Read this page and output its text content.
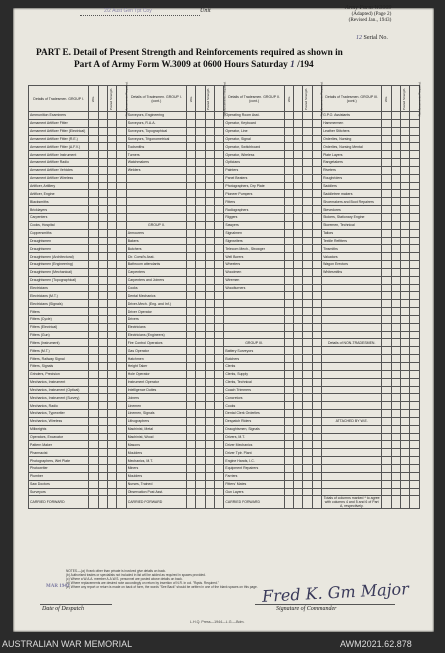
2/2 Aust Gen Tpt Coy	Unit	Army Form W3009
(Adapted) (Page 2)
(Revised Jan., 1943)
12 Serial No.
PART E. Detail of Present Strength and Reinforcements required as shown in
Part A of Army Form W.3009 at 0600 Hours Saturday 1 /194
Details of Tradesmen. GROUP I.	W.E.	Posted Strength.	Reinforcements Required.		Details of Tradesmen. GROUP I. (cont.)	W.E.	Posted Strength.	Reinforcements Required.		Details of Tradesmen. GROUP II. (cont.)	W.E.	Posted Strength.	Reinforcements Required.		Details of Tradesmen. GROUP III. (cont.)	W.E.	Posted Strength.	Reinforcements Required.	
Ammunition Examiners					Surveyors, Engineering					Operating Room Asst.					G.P.O. Assistants				
Armament Artificer Fitter					Surveyors, R.A.A.					Operator, Keyboard					Hammermen				
Armament Artificer Fitter (Electrical)					Surveyors, Topographical					Operator, Line					Leather Stitchers				
Armament Artificer Fitter (R.E.)					Surveyors, Trigonometrical					Operator, Signal					Orderlies, Nursing				
Armament Artificer Fitter (A.F.V.)					Toolsmiths					Operator, Switchboard					Orderlies, Nursing Mental				
Armament Artificer Instrument					Turners					Operator, Wireless					Plate Layers				
Armament Artificer Radio					Watchmakers					Opticians					Rangetakers				
Armament Artificer Vehicles					Welders					Painters					Riveters				
Armament Artificer Wireless										Panel Beaters					Roughriders				
Artificer, Artillery										Photographers, Dry Plate					Saddlers				
Artificer, Engine										Pioneer Pumpers					Saddletree makers				
Blacksmiths										Fitters					Shoemakers and Boot Repairers				
Bricklayers										Radiographers					Stevedores				
Carpenters										Riggers					Stokers, Stationary Engine				
Cooks, Hospital					GROUP II.					Sawyers					Storemen, Technical				
Coppersmiths					Armourers					Signalmen					Tailors				
Draughtsmen					Bakers					Signwriters					Textile Refitters				
Draughtsmen					Butchers					Telecom Mech., Strowger					Tinsmiths				
Draughtsmen (Architectural)					Ctr. Comd's Asst.					Well Borers					Valuators				
Draughtsmen (Engineering)					Bathroom attendants					Wheelers					Wagon Erectors				
Draughtsmen (Mechanical)					Carpenters					Woodmen					Whitesmiths				
Draughtsmen (Topographical)					Carpenters and Joiners					Wiremen									
Electricians					Cooks					Woodturners									
Electricians (M.T.)					Dental Mechanics														
Electricians (Signals)					Driver-Mech. (Eng. and Inf.)														
Fitters					Driver Operator														
Fitters (Cycle)					Drivers														
Fitters (Electrical)					Electricians														
Fitters (Gun)					Electricians (Engineers)														
Fitters (Instrument)					Fire Control Operators					GROUP III.					Details of NON-TRADESMEN.				
Fitters (M.T.)					Gas Operator					Battery Surveyors									
Fitters, Railway Signal					Hatchmen					Butchers									
Fitters, Signals					Height Taker					Clerks									
Grinders, Precision					Hole Operator					Clerks, Supply									
Mechanics, Instrument					Instrument Operator					Clerks, Technical									
Mechanics, Instrument (Optical)					Intelligence Duties					Coach Trimmers									
Mechanics, Instrument (Survey)					Joiners					Concretors									
Mechanics, Radio					Linemen					Cooks									
Mechanics, Typewriter					Linemen, Signals					Dental Clerk Orderlies									
Mechanics, Wireless					Lithographers					Despatch Riders					ATTACHED BY W.E.				
Millwrights					Machinist, Metal					Draughtsmen, Signals									
Operators, Excavator					Machinist, Wood					Drivers, M.T.									
Pattern Maker					Masons					Driver Mechanics									
Pharmacist					Moulders					Driver Tptr. Plant									
Photographers, Wet Plate					Mechanics, M.T.					Engine Hands, I.C.									
Photowriter					Miners					Equipment Repairers									
Plumber					Moulders					Farriers									
Saw Doctors					Nurses, Trained					Fitters' Mates									
Surveyors					Observation Post Asst.					Gun Layers									
CARRIED FORWARD					CARRIED FORWARD					CARRIED FORWARD					Totals of columns marked * to agree with columns 4 and 5 and 6 of Part A, respectively.				
NOTES.—(a) If rank other than private is involved give details on back.
(b) Authorised trades or specialists not included in list will be added as required in spaces provided.
(c) Where a W.A.A. member A.A.W.S. personnel are posted above details on back.
(d) Where replacements are desired note accordingly on return by insertion of N.R. in col. "Rqsts. Required."
(e) Where any report or return is made on back of form, the words "See Back" should be written in one of the blank spaces on this page.
MAR 1943
Date of Despatch
Fred K. Gm Major
Signature of Commander
L.H.Q. Press—1944—L.G.—Bdm.
AUSTRALIAN WAR MEMORIAL	AWM2021.62.878
